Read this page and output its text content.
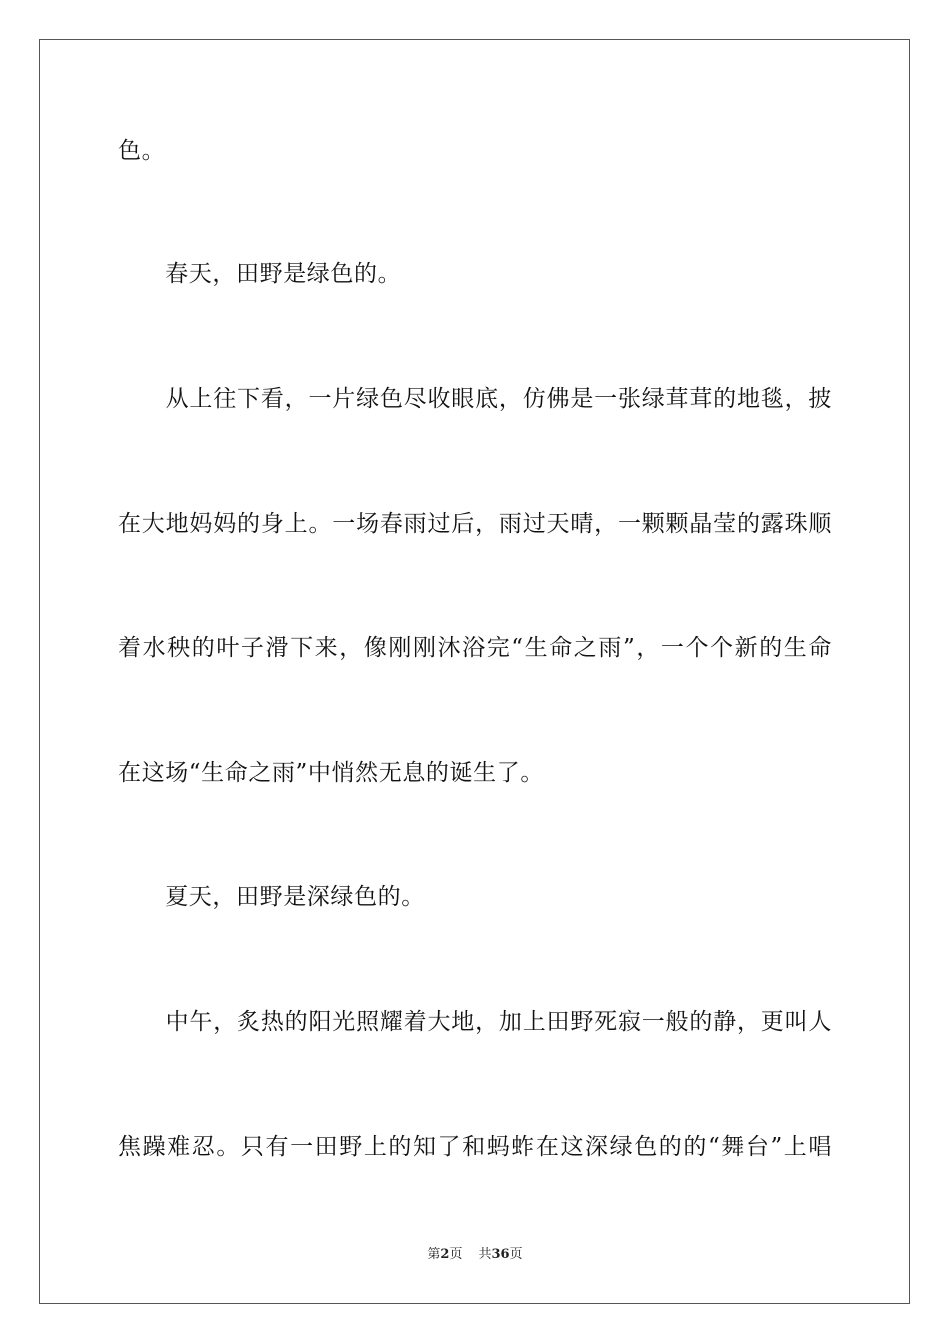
色。
　　春天，田野是绿色的。
　　从上往下看，一片绿色尽收眼底，仿佛是一张绿茸茸的地毯，披
在大地妈妈的身上。一场春雨过后，雨过天晴，一颗颗晶莹的露珠顺
着水秧的叶子滑下来，像刚刚沐浴完“生命之雨”，一个个新的生命
在这场“生命之雨”中悄然无息的诞生了。
　　夏天，田野是深绿色的。
　　中午，炙热的阳光照耀着大地，加上田野死寂一般的静，更叫人
焦躁难忍。只有一田野上的知了和蚂蚱在这深绿色的的“舞台”上唱
第2页 共36页
